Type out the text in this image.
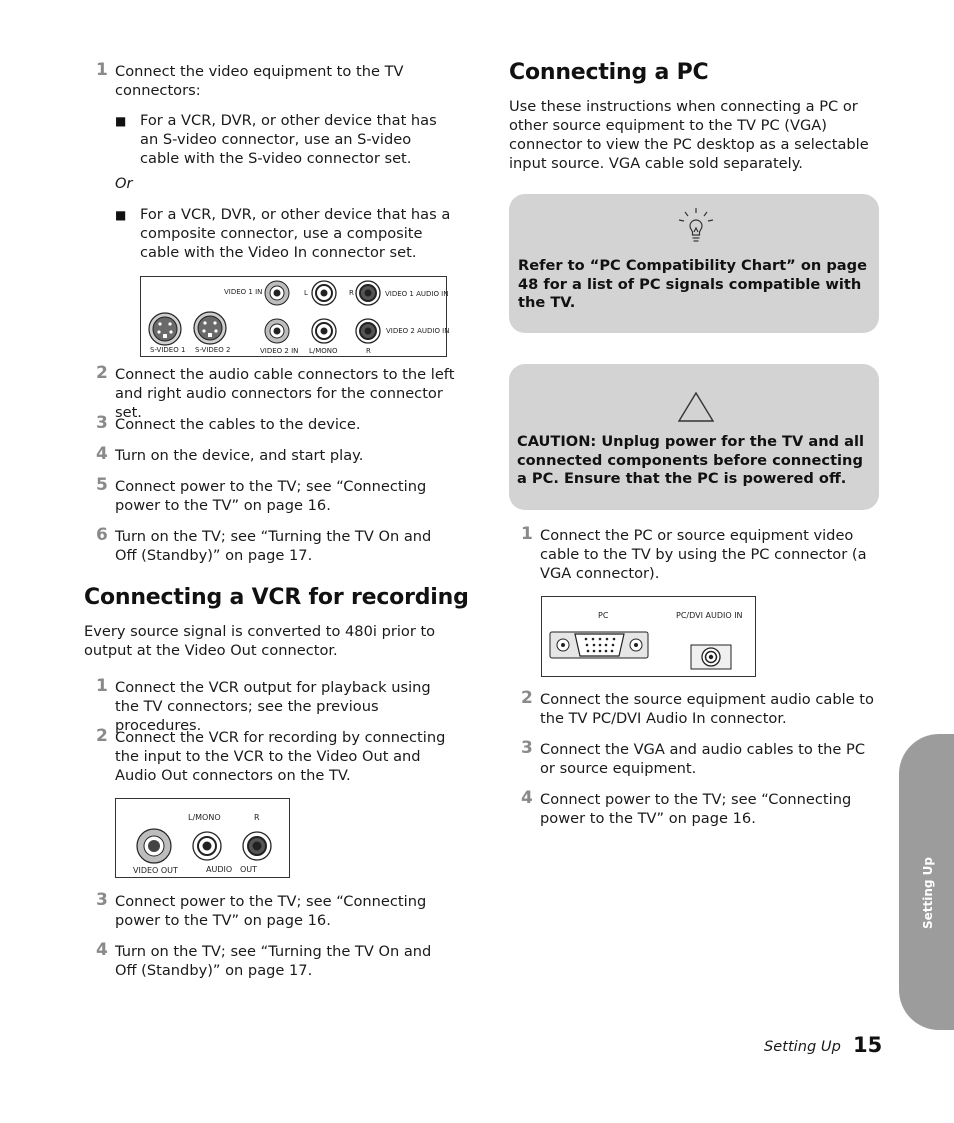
1 Connect the video equipment to the TV connectors:
■ For a VCR, DVR, or other device that has an S-video connector, use an S-video cable with the S-video connector set.
Or
■ For a VCR, DVR, or other device that has a composite connector, use a composite cable with the Video In connector set.
VIDEO 1 IN	L	R	VIDEO 1 AUDIO IN
S-VIDEO 1 S-VIDEO 2	VIDEO 2 IN L/MONO	R
VIDEO 2 AUDIO IN
2 Connect the audio cable connectors to the left and right audio connectors for the connector set.
3 Connect the cables to the device.
4 Turn on the device, and start play.
5 Connect power to the TV; see “Connecting power to the TV” on page 16.
6 Turn on the TV; see “Turning the TV On and Off (Standby)” on page 17.
Connecting a VCR for recording
Every source signal is converted to 480i prior to output at the Video Out connector.
1 Connect the VCR output for playback using the TV connectors; see the previous procedures.
2 Connect the VCR for recording by connecting the input to the VCR to the Video Out and Audio Out connectors on the TV.
L/MONO	R
VIDEO OUT	AUDIO OUT
3 Connect power to the TV; see “Connecting power to the TV” on page 16.
4 Turn on the TV; see “Turning the TV On and Off (Standby)” on page 17.
Connecting a PC
Use these instructions when connecting a PC or other source equipment to the TV PC (VGA) connector to view the PC desktop as a selectable input source. VGA cable sold separately.
Refer to “PC Compatibility Chart” on page 48 for a list of PC signals compatible with the TV.
CAUTION: Unplug power for the TV and all connected components before connecting a PC. Ensure that the PC is powered off.
1 Connect the PC or source equipment video cable to the TV by using the PC connector (a VGA connector).
PC	PC/DVI AUDIO IN
2 Connect the source equipment audio cable to the TV PC/DVI Audio In connector.
3 Connect the VGA and audio cables to the PC or source equipment.
4 Connect power to the TV; see “Connecting power to the TV” on page 16.
Setting Up
Setting Up 15
